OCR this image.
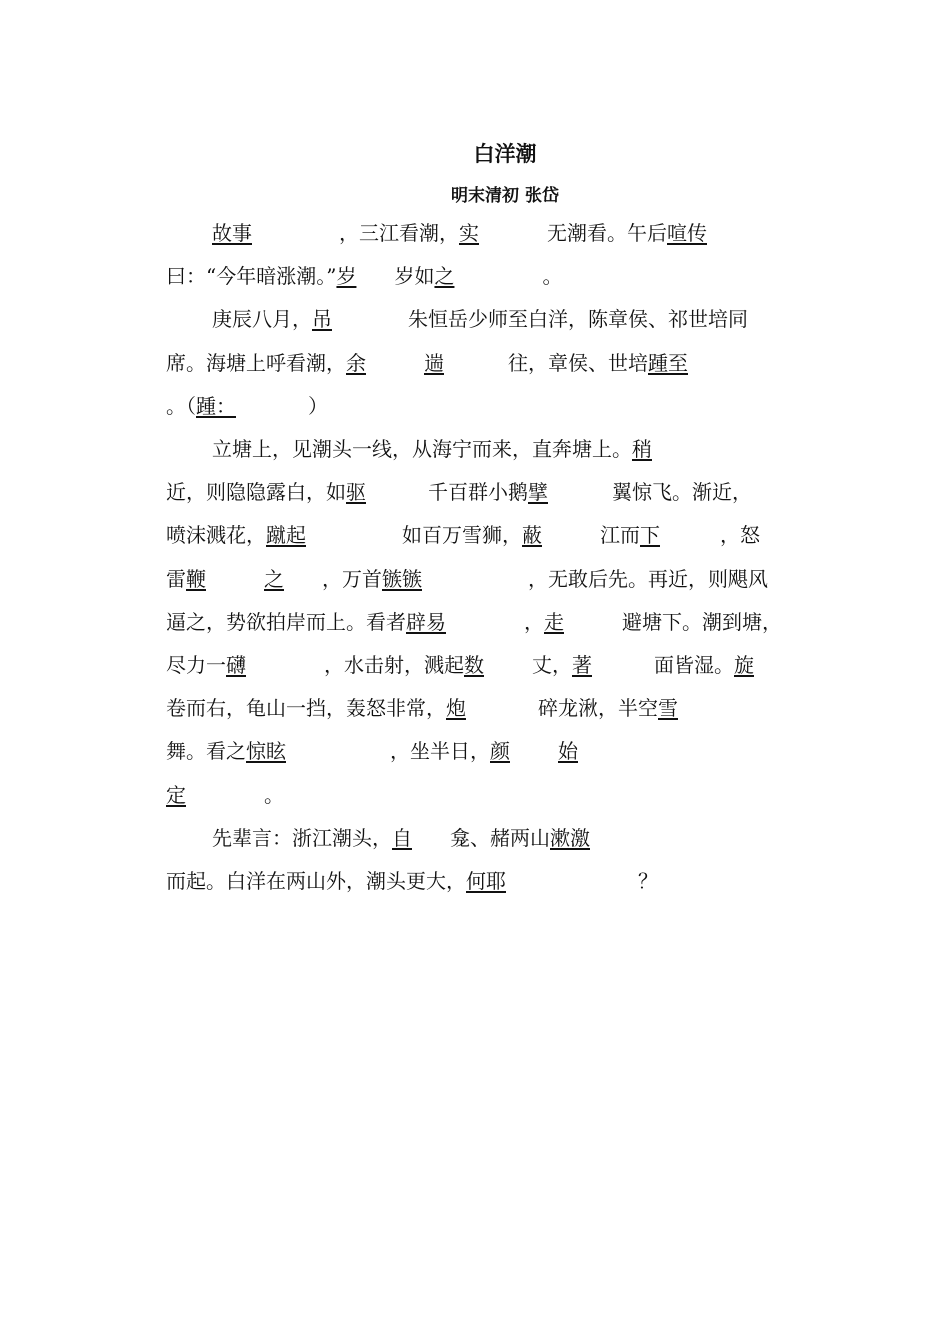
白洋潮
明末清初 张岱
故事	，三江看潮，实	无潮看。午后喧传
曰：“今年暗涨潮。”岁 岁如之	。
庚辰八月，吊	朱恒岳少师至白洋，陈章侯、祁世培同
席。海塘上呼看潮，余	遄	往，章侯、世培踵至
。（踵：	）
立塘上，见潮头一线，从海宁而来，直奔塘上。稍
近，则隐隐露白，如驱	千百群小鹅擘	翼惊飞。渐近，
喷沫溅花，蹴起	如百万雪狮，蔽	江而下	，怒
雷鞭	之 ，万首镞镞	，无敢后先。再近，则飓风
逼之，势欲拍岸而上。看者辟易	，走	避塘下。潮到塘，
尽力一礴	，水击射，溅起数 丈，著	面皆湿。旋
卷而右，龟山一挡，轰怒非常，炮	碎龙湫，半空雪
舞。看之惊眩	，坐半日，颜 始
定	。
先辈言：浙江潮头，自 龛、赭两山漱激
而起。白洋在两山外，潮头更大，何耶	？
